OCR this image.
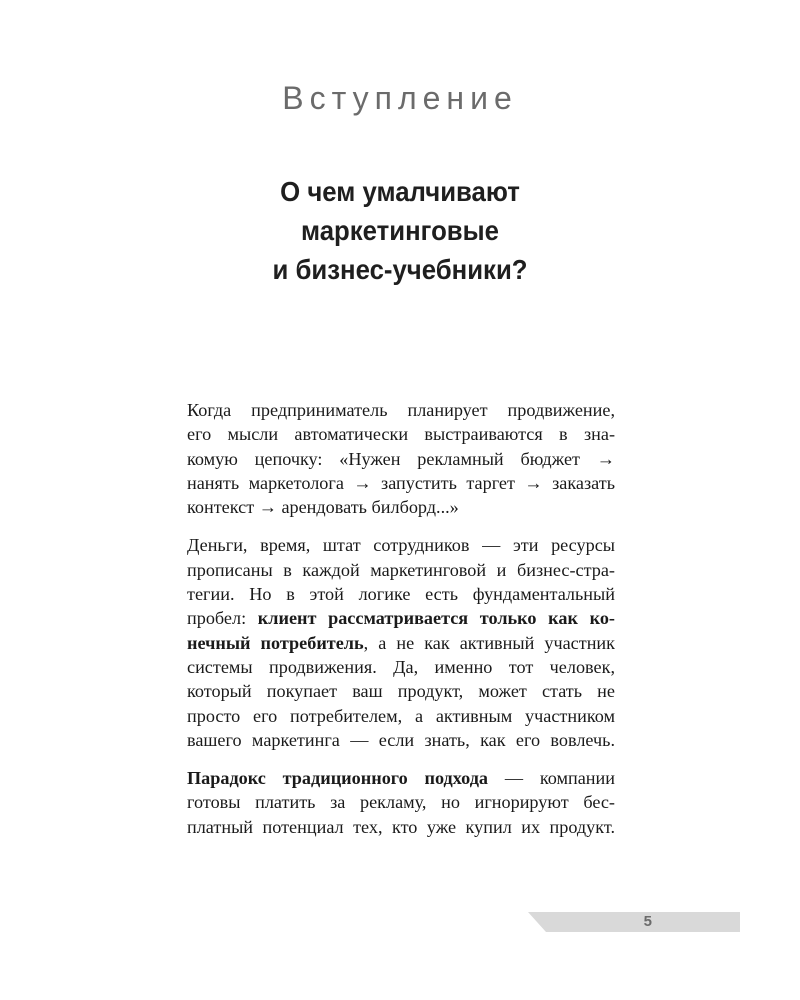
Вступление
О чем умалчивают
маркетинговые
и бизнес-учебники?

Когда предприниматель планирует продвижение,
его мысли автоматически выстраиваются в зна-
комую цепочку: «Нужен рекламный бюджет →
нанять маркетолога → запустить таргет → заказать
контекст → арендовать билборд...»

Деньги, время, штат сотрудников — эти ресурсы
прописаны в каждой маркетинговой и бизнес-стра-
тегии. Но в этой логике есть фундаментальный
пробел: клиент рассматривается только как ко-
нечный потребитель, а не как активный участник
системы продвижения. Да, именно тот человек,
который покупает ваш продукт, может стать не
просто его потребителем, а активным участником
вашего маркетинга — если знать, как его вовлечь.

Парадокс традиционного подхода — компании
готовы платить за рекламу, но игнорируют бес-
платный потенциал тех, кто уже купил их продукт.

5
